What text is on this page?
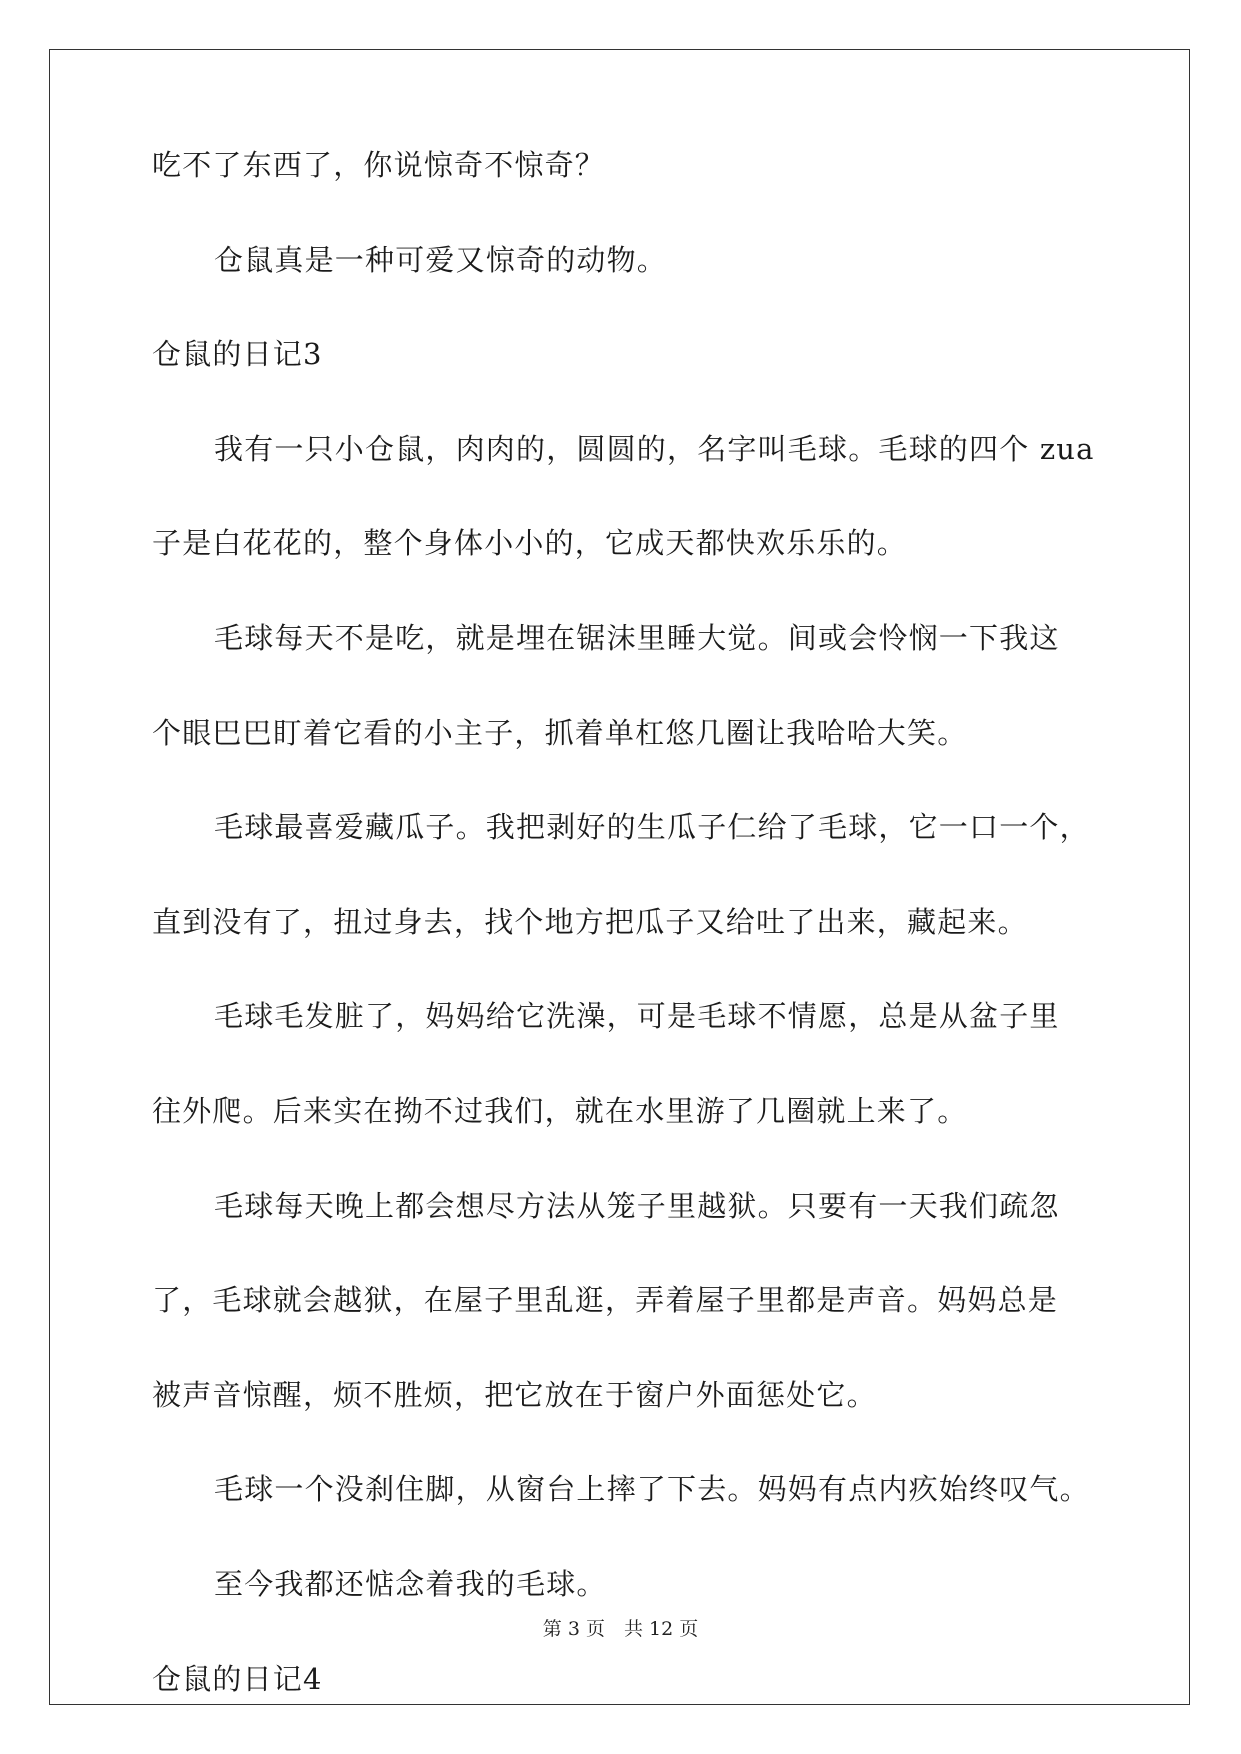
吃不了东西了，你说惊奇不惊奇？
仓鼠真是一种可爱又惊奇的动物。
仓鼠的日记3
我有一只小仓鼠，肉肉的，圆圆的，名字叫毛球。毛球的四个 zua
子是白花花的，整个身体小小的，它成天都快欢乐乐的。
毛球每天不是吃，就是埋在锯沫里睡大觉。间或会怜悯一下我这
个眼巴巴盯着它看的小主子，抓着单杠悠几圈让我哈哈大笑。
毛球最喜爱藏瓜子。我把剥好的生瓜子仁给了毛球，它一口一个，
直到没有了，扭过身去，找个地方把瓜子又给吐了出来，藏起来。
毛球毛发脏了，妈妈给它洗澡，可是毛球不情愿，总是从盆子里
往外爬。后来实在拗不过我们，就在水里游了几圈就上来了。
毛球每天晚上都会想尽方法从笼子里越狱。只要有一天我们疏忽
了，毛球就会越狱，在屋子里乱逛，弄着屋子里都是声音。妈妈总是
被声音惊醒，烦不胜烦，把它放在于窗户外面惩处它。
毛球一个没刹住脚，从窗台上摔了下去。妈妈有点内疚始终叹气。
至今我都还惦念着我的毛球。
仓鼠的日记4
第 3 页　共 12 页
